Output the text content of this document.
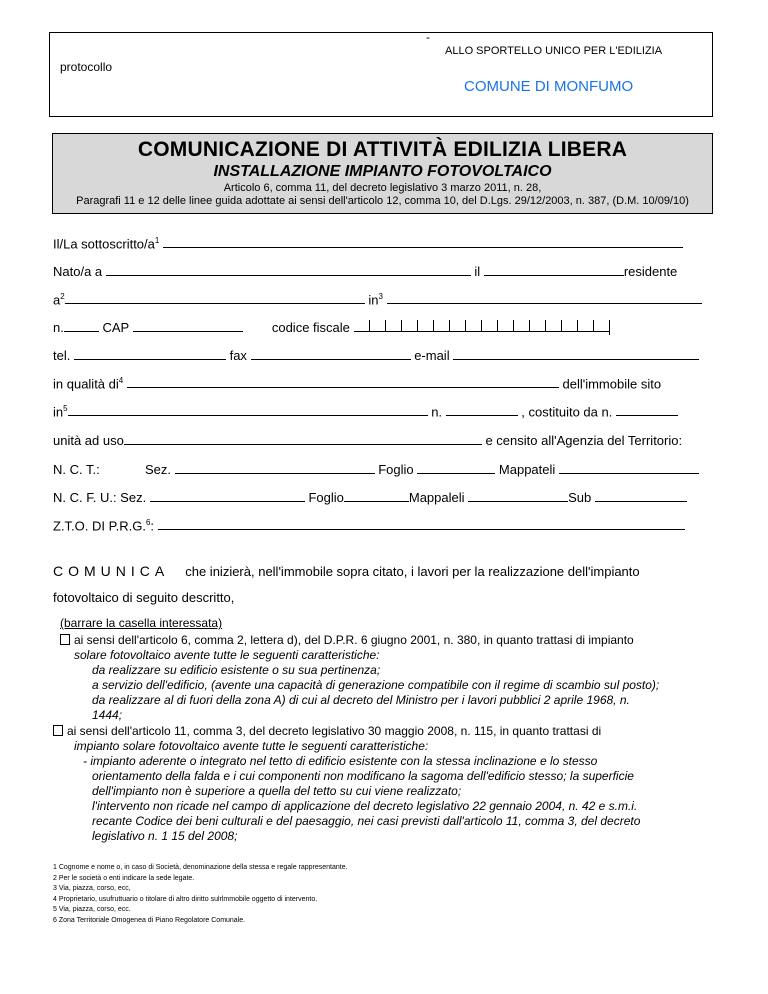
-
protocollo
ALLO SPORTELLO UNICO PER L'EDILIZIA
COMUNE DI MONFUMO
COMUNICAZIONE DI ATTIVITÀ EDILIZIA LIBERA
INSTALLAZIONE IMPIANTO FOTOVOLTAICO
Articolo 6, comma 11, del decreto legislativo 3 marzo 2011, n. 28,
Paragrafi 11 e 12 delle linee guida adottate ai sensi dell'articolo 12, comma 10, del D.Lgs. 29/12/2003, n. 387, (D.M. 10/09/10)
Il/La sottoscritto/$a^1$
Nato/a a	il	residente
$a^2$	$in^3$
n.	CAP	codice fiscale
tel.	fax	e-mail
in qualità $di^4$	dell'immobile sito
$in^5$	n.	, costituito da n.
unità ad uso	e censito all'Agenzia del Territorio:
N. C. T.:	Sez.	Foglio	Mappateli
N. C. F. U.: Sez.	Foglio	Mappaleli	Sub
Z.T.O. DI P.R.G.$^6$:
COMUNICA che inizierà, nell'immobile sopra citato, i lavori per la realizzazione dell'impianto
fotovoltaico di seguito descritto,
(barrare la casella interessata)
ai sensi dell'articolo 6, comma 2, lettera d), del D.P.R. 6 giugno 2001, n. 380, in quanto trattasi di impianto
solare fotovoltaico avente tutte le seguenti caratteristiche:
da realizzare su edificio esistente o su sua pertinenza;
a servizio dell'edificio, (avente una capacità di generazione compatibile con il regime di scambio sul posto);
da realizzare al di fuori della zona A) di cui al decreto del Ministro per i lavori pubblici 2 aprile 1968, n.
1444;
ai sensi dell'articolo 11, comma 3, del decreto legislativo 30 maggio 2008, n. 115, in quanto trattasi di
impianto solare fotovoltaico avente tutte le seguenti caratteristiche:
- impianto aderente o integrato nel tetto di edificio esistente con la stessa inclinazione e lo stesso
orientamento della falda e i cui componenti non modificano la sagoma dell'edificio stesso; la superficie
dell'impianto non è superiore a quella del tetto su cui viene realizzato;
l'intervento non ricade nel campo di applicazione del decreto legislativo 22 gennaio 2004, n. 42 e s.m.i.
recante Codice dei beni culturali e del paesaggio, nei casi previsti dall'articolo 11, comma 3, del decreto
legislativo n. 1 15 del 2008;
1 Cognome e nome o, in caso di Società, denominazione della stessa e regale rappresentante.
2 Per le società o enti indicare la sede legate.
3 Via, piazza, corso, ecc,
4 Proprietario, usufruttuario o titolare di altro diritto sulrlmmobile oggetto di intervento.
5 Via, piazza, corso, ecc.
6 Zona Territoriale Omogenea di Piano Regolatore Comunale.
